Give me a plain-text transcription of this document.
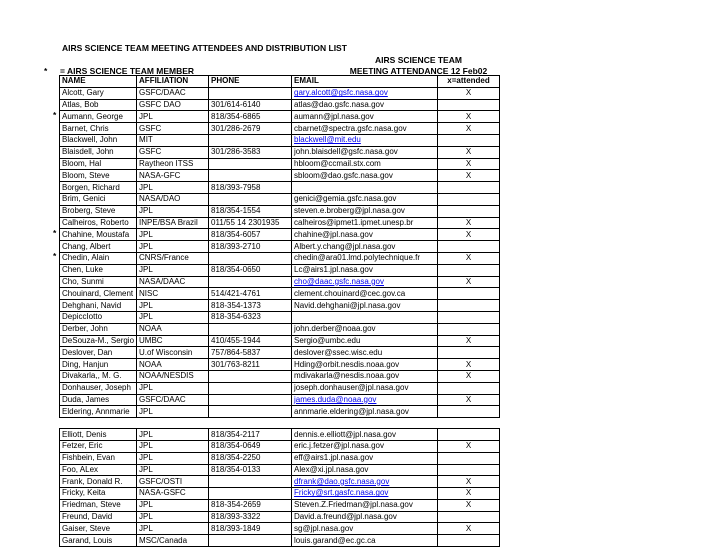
AIRS SCIENCE TEAM MEETING ATTENDEES AND DISTRIBUTION LIST
AIRS SCIENCE TEAM
MEETING ATTENDANCE 12 Feb02
* = AIRS SCIENCE TEAM MEMBER
NAME	AFFILIATION	PHONE	EMAIL	x=attended
Alcott, Gary	GSFC/DAAC		gary.alcott@gsfc.nasa.gov	X
Atlas, Bob	GSFC DAO	301/614-6140	atlas@dao.gsfc.nasa.gov	
Aumann, George	JPL	818/354-6865	aumann@jpl.nasa.gov	X
Barnet, Chris	GSFC	301/286-2679	cbarnet@spectra.gsfc.nasa.gov	X
Blackwell, John	MIT		blackwell@mit.edu	
Blaisdell, John	GSFC	301/286-3583	john.blaisdell@gsfc.nasa.gov	X
Bloom, Hal	Raytheon ITSS		hbloom@ccmail.stx.com	X
Bloom, Steve	NASA-GFC		sbloom@dao.gsfc.nasa.gov	X
Borgen, Richard	JPL	818/393-7958		
Brim, Genici	NASA/DAO		genici@gemia.gsfc.nasa.gov	
Broberg, Steve	JPL	818/354-1554	steven.e.broberg@jpl.nasa.gov	
Calheiros, Roberto	INPE/BSA Brazil	011/55 14 2301935	calheiros@ipmet1.ipmet.unesp.br	X
Chahine, Moustafa	JPL	818/354-6057	chahine@jpl.nasa.gov	X
Chang, Albert	JPL	818/393-2710	Albert.y.chang@jpl.nasa.gov	
Chedin, Alain	CNRS/France		chedin@ara01.lmd.polytechnique.fr	X
Chen, Luke	JPL	818/354-0650	Lc@airs1.jpl.nasa.gov	
Cho, Sunmi	NASA/DAAC		cho@daac.gsfc.nasa.gov	X
Chouinard, Clement	NISC	514/421-4761	clement.chouinard@cec.gov.ca	
Dehghani, Navid	JPL	818-354-1373	Navid.dehghani@jpl.nasa.gov	
DepiccIotto	JPL	818-354-6323		
Derber, John	NOAA		john.derber@noaa.gov	
DeSouza-M., Sergio	UMBC	410/455-1944	Sergio@umbc.edu	X
Deslover, Dan	U.of Wisconsin	757/864-5837	deslover@ssec.wisc.edu	
Ding, Hanjun	NOAA	301/763-8211	Hding@orbit.nesdis.noaa.gov	X
Divakarla,, M. G.	NOAA/NESDIS		mdivakarla@nesdis.noaa.gov	X
Donhauser, Joseph	JPL		joseph.donhauser@jpl.nasa.gov	
Duda, James	GSFC/DAAC		james.duda@noaa.gov	X
Eldering, Annmarie	JPL		annmarie.eldering@jpl.nasa.gov	

Elliott, Denis	JPL	818/354-2117	dennis.e.elliott@jpl.nasa.gov	
Fetzer, Eric	JPL	818/354-0649	eric.j.fetzer@jpl.nasa.gov	X
Fishbein, Evan	JPL	818/354-2250	eff@airs1.jpl.nasa.gov	
Foo, ALex	JPL	818/354-0133	Alex@xi.jpl.nasa.gov	
Frank, Donald R.	GSFC/OSTI		dfrank@dao.gsfc.nasa.gov	X
Fricky, Keita	NASA-GSFC		Fricky@srt.gasfc.nasa.gov	X
Friedman, Steve	JPL	818-354-2659	Steven.Z.Friedman@jpl.nasa.gov	X
Freund, David	JPL	818/393-3322	David.a.freund@jpl.nasa.gov	
Gaiser, Steve	JPL	818/393-1849	sg@jpl.nasa.gov	X
Garand, Louis	MSC/Canada		louis.garand@ec.gc.ca	
*
*
*
